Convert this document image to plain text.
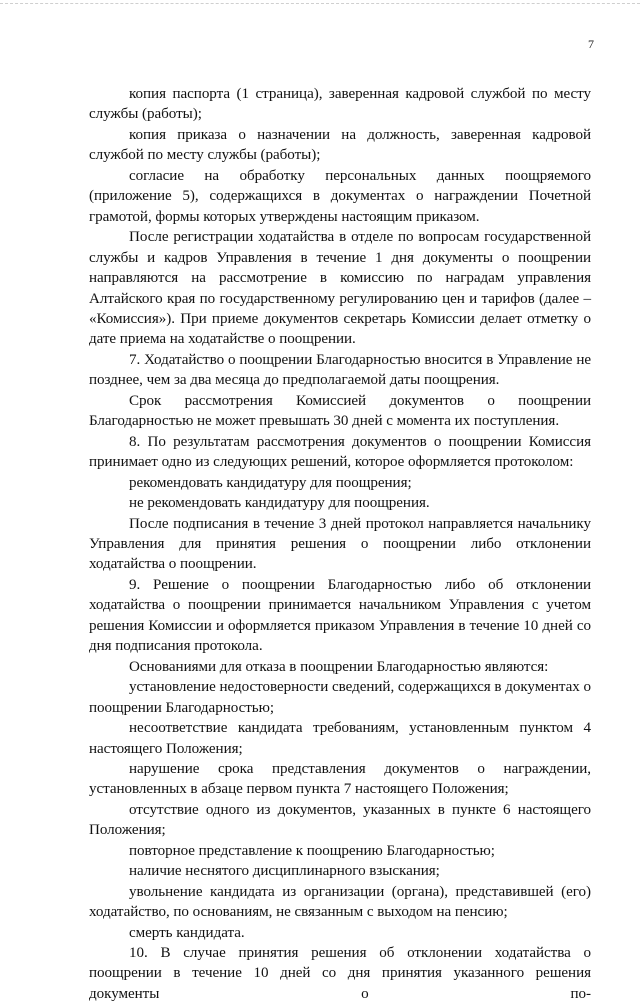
7

копия паспорта (1 страница), заверенная кадровой службой по месту службы (работы);

копия приказа о назначении на должность, заверенная кадровой службой по месту службы (работы);

согласие на обработку персональных данных поощряемого (приложение 5), содержащихся в документах о награждении Почетной грамотой, формы которых утверждены настоящим приказом.

После регистрации ходатайства в отделе по вопросам государственной службы и кадров Управления в течение 1 дня документы о поощрении направляются на рассмотрение в комиссию по наградам управления Алтайского края по государственному регулированию цен и тарифов (далее – «Комиссия»). При приеме документов секретарь Комиссии делает отметку о дате приема на ходатайстве о поощрении.

7. Ходатайство о поощрении Благодарностью вносится в Управление не позднее, чем за два месяца до предполагаемой даты поощрения.

Срок рассмотрения Комиссией документов о поощрении Благодарностью не может превышать 30 дней с момента их поступления.

8. По результатам рассмотрения документов о поощрении Комиссия принимает одно из следующих решений, которое оформляется протоколом:

рекомендовать кандидатуру для поощрения;

не рекомендовать кандидатуру для поощрения.

После подписания в течение 3 дней протокол направляется начальнику Управления для принятия решения о поощрении либо отклонении ходатайства о поощрении.

9. Решение о поощрении Благодарностью либо об отклонении ходатайства о поощрении принимается начальником Управления с учетом решения Комиссии и оформляется приказом Управления в течение 10 дней со дня подписания протокола.

Основаниями для отказа в поощрении Благодарностью являются:

установление недостоверности сведений, содержащихся в документах о поощрении Благодарностью;

несоответствие кандидата требованиям, установленным пунктом 4 настоящего Положения;

нарушение срока представления документов о награждении, установленных в абзаце первом пункта 7 настоящего Положения;

отсутствие одного из документов, указанных в пункте 6 настоящего Положения;

повторное представление к поощрению Благодарностью;

наличие неснятого дисциплинарного взыскания;

увольнение кандидата из организации (органа), представившей (его) ходатайство, по основаниям, не связанным с выходом на пенсию;

смерть кандидата.

10. В случае принятия решения об отклонении ходатайства о поощрении в течение 10 дней со дня принятия указанного решения документы о по-
